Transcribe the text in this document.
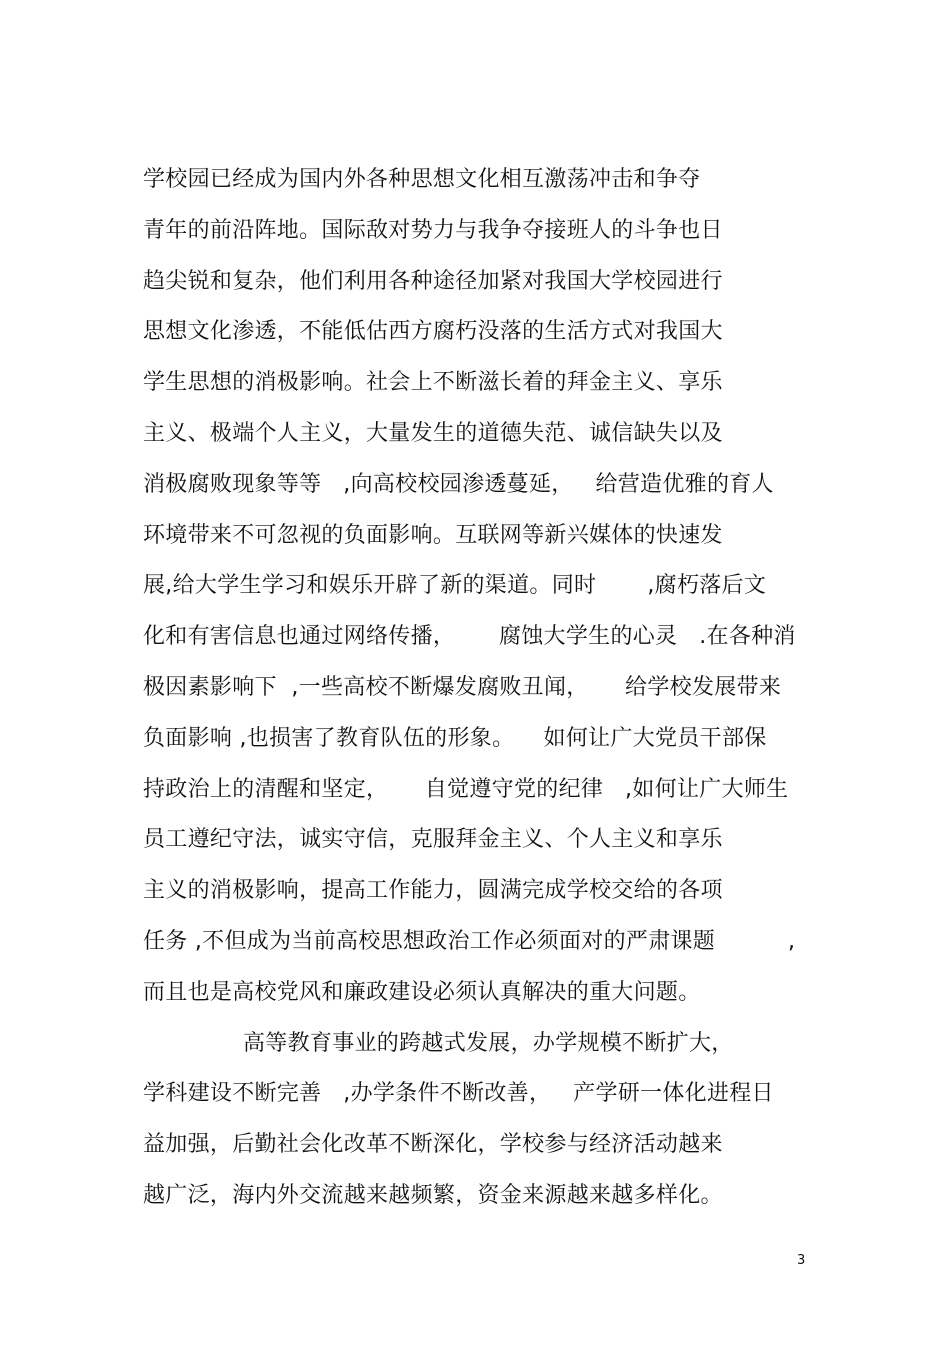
学校园已经成为国内外各种思想文化相互激荡冲击和争夺
青年的前沿阵地。国际敌对势力与我争夺接班人的斗争也日
趋尖锐和复杂，他们利用各种途径加紧对我国大学校园进行
思想文化渗透，不能低估西方腐朽没落的生活方式对我国大
学生思想的消极影响。社会上不断滋长着的拜金主义、享乐
主义、极端个人主义，大量发生的道德失范、诚信缺失以及
消极腐败现象等等   ,向高校校园渗透蔓延，   给营造优雅的育人
环境带来不可忽视的负面影响。互联网等新兴媒体的快速发
展,给大学生学习和娱乐开辟了新的渠道。同时       ,腐朽落后文
化和有害信息也通过网络传播，      腐蚀大学生的心灵   .在各种消
极因素影响下  ,一些高校不断爆发腐败丑闻，     给学校发展带来
负面影响 ,也损害了教育队伍的形象。    如何让广大党员干部保
持政治上的清醒和坚定，     自觉遵守党的纪律   ,如何让广大师生
员工遵纪守法，诚实守信，克服拜金主义、个人主义和享乐
主义的消极影响，提高工作能力，圆满完成学校交给的各项
任务 ,不但成为当前高校思想政治工作必须面对的严肃课题          ,
而且也是高校党风和廉政建设必须认真解决的重大问题。
高等教育事业的跨越式发展，办学规模不断扩大，
学科建设不断完善   ,办学条件不断改善，   产学研一体化进程日
益加强，后勤社会化改革不断深化，学校参与经济活动越来
越广泛，海内外交流越来越频繁，资金来源越来越多样化。
3
